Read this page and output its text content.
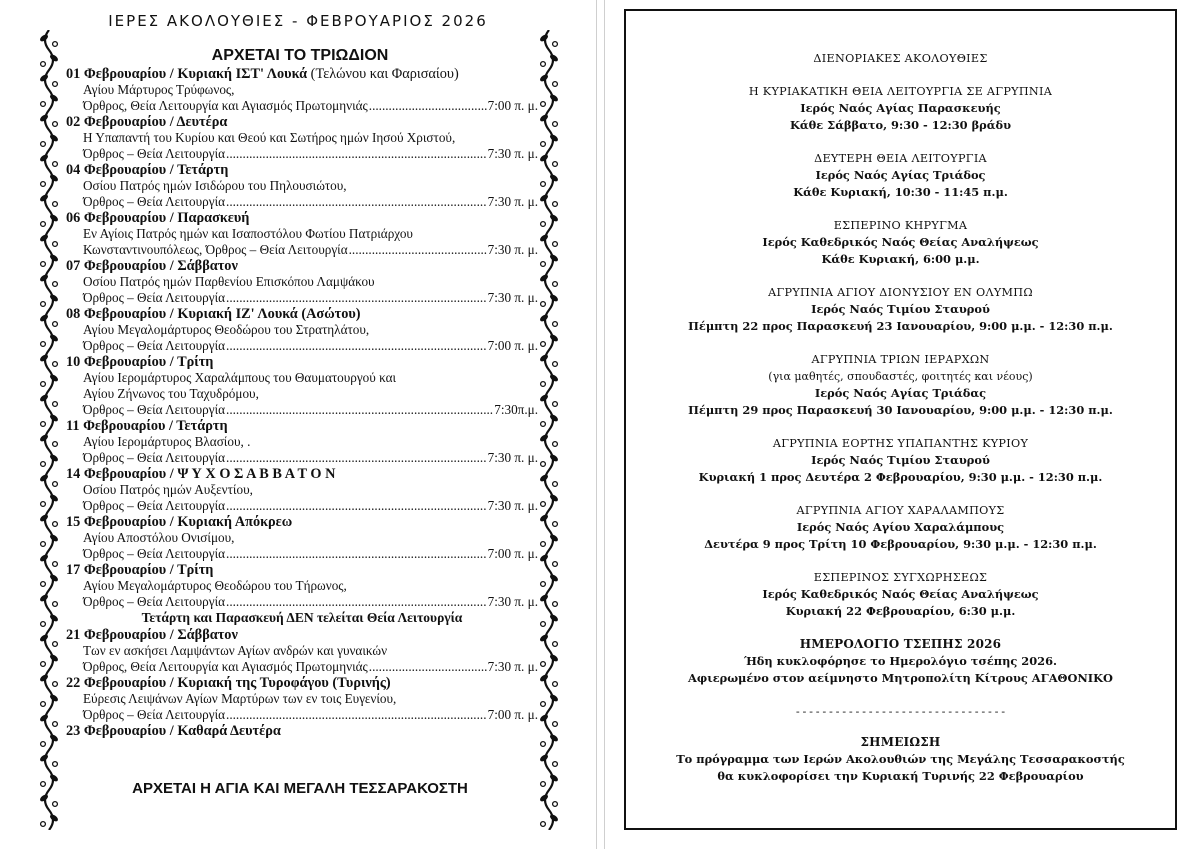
ΙΕΡΕΣ ΑΚΟΛΟΥΘΙΕΣ - ΦΕΒΡΟΥΑΡΙΟΣ 2026
ΑΡΧΕΤΑΙ ΤΟ ΤΡΙΩΔΙΟΝ
01 Φεβρουαρίου / Κυριακή ΙΣΤ' Λουκά (Τελώνου και Φαρισαίου)
Αγίου Μάρτυρος Τρύφωνος,
Όρθρος, Θεία Λειτουργία και Αγιασμός Πρωτομηνιάς .....	7:00 π. μ.
02 Φεβρουαρίου / Δευτέρα
Η Υπαπαντή του Κυρίου και Θεού και Σωτήρος ημών Ιησού Χριστού,
Όρθρος – Θεία Λειτουργία .....	7:30 π. μ.
04 Φεβρουαρίου / Τετάρτη
Οσίου Πατρός ημών Ισιδώρου του Πηλουσιώτου,
Όρθρος – Θεία Λειτουργία .....	7:30 π. μ.
06 Φεβρουαρίου / Παρασκευή
Εν Αγίοις Πατρός ημών και Ισαποστόλου Φωτίου Πατριάρχου
Κωνσταντινουπόλεως, Όρθρος – Θεία Λειτουργία .....	7:30 π. μ.
07 Φεβρουαρίου / Σάββατον
Οσίου Πατρός ημών Παρθενίου Επισκόπου Λαμψάκου
Όρθρος – Θεία Λειτουργία .....	7:30 π. μ.
08 Φεβρουαρίου / Κυριακή ΙΖ' Λουκά (Ασώτου)
Αγίου Μεγαλομάρτυρος Θεοδώρου του Στρατηλάτου,
Όρθρος – Θεία Λειτουργία .....	7:00 π. μ.
10 Φεβρουαρίου / Τρίτη
Αγίου Ιερομάρτυρος Χαραλάμπους του Θαυματουργού και
Αγίου Ζήνωνος του Ταχυδρόμου,
Όρθρος – Θεία Λειτουργία .....	7:30π.μ.
11 Φεβρουαρίου / Τετάρτη
Αγίου Ιερομάρτυρος Βλασίου, .
Όρθρος – Θεία Λειτουργία .....	7:30 π. μ.
14 Φεβρουαρίου / Ψ Υ Χ Ο Σ Α Β Β Α Τ Ο Ν
Οσίου Πατρός ημών Αυξεντίου,
Όρθρος – Θεία Λειτουργία .....	7:30 π. μ.
15 Φεβρουαρίου / Κυριακή Απόκρεω
Αγίου Αποστόλου Ονισίμου,
Όρθρος – Θεία Λειτουργία .....	7:00 π. μ.
17 Φεβρουαρίου / Τρίτη
Αγίου Μεγαλομάρτυρος Θεοδώρου του Τήρωνος,
Όρθρος – Θεία Λειτουργία .....	7:30 π. μ.
Τετάρτη και Παρασκευή ΔΕΝ τελείται Θεία Λειτουργία
21 Φεβρουαρίου / Σάββατον
Των εν ασκήσει Λαμψάντων Αγίων ανδρών και γυναικών
Όρθρος, Θεία Λειτουργία και Αγιασμός Πρωτομηνιάς .....	7:30 π. μ.
22 Φεβρουαρίου / Κυριακή της Τυροφάγου (Τυρινής)
Εύρεσις Λειψάνων Αγίων Μαρτύρων των εν τοις Ευγενίου,
Όρθρος – Θεία Λειτουργία .....	7:00 π. μ.
23 Φεβρουαρίου / Καθαρά Δευτέρα
ΑΡΧΕΤΑΙ Η ΑΓΙΑ ΚΑΙ ΜΕΓΑΛΗ ΤΕΣΣΑΡΑΚΟΣΤΗ
ΔΙΕΝΟΡΙΑΚΕΣ ΑΚΟΛΟΥΘΙΕΣ
Η ΚΥΡΙΑΚΑΤΙΚΗ ΘΕΙΑ ΛΕΙΤΟΥΡΓΙΑ ΣΕ ΑΓΡΥΠΝΙΑ
Ιερός Ναός Αγίας Παρασκευής
Κάθε Σάββατο, 9:30 - 12:30 βράδυ
ΔΕΥΤΕΡΗ ΘΕΙΑ ΛΕΙΤΟΥΡΓΙΑ
Ιερός Ναός Αγίας Τριάδος
Κάθε Κυριακή, 10:30 - 11:45 π.μ.
ΕΣΠΕΡΙΝΟ ΚΗΡΥΓΜΑ
Ιερός Καθεδρικός Ναός Θείας Αναλήψεως
Κάθε Κυριακή, 6:00 μ.μ.
ΑΓΡΥΠΝΙΑ ΑΓΙΟΥ ΔΙΟΝΥΣΙΟΥ ΕΝ ΟΛΥΜΠΩ
Ιερός Ναός Τιμίου Σταυρού
Πέμπτη 22 προς Παρασκευή 23 Ιανουαρίου, 9:00 μ.μ. - 12:30 π.μ.
ΑΓΡΥΠΝΙΑ ΤΡΙΩΝ ΙΕΡΑΡΧΩΝ
(για μαθητές, σπουδαστές, φοιτητές και νέους)
Ιερός Ναός Αγίας Τριάδας
Πέμπτη 29 προς Παρασκευή 30 Ιανουαρίου, 9:00 μ.μ. - 12:30 π.μ.
ΑΓΡΥΠΝΙΑ ΕΟΡΤΗΣ ΥΠΑΠΑΝΤΗΣ ΚΥΡΙΟΥ
Ιερός Ναός Τιμίου Σταυρού
Κυριακή 1 προς Δευτέρα 2 Φεβρουαρίου, 9:30 μ.μ. - 12:30 π.μ.
ΑΓΡΥΠΝΙΑ ΑΓΙΟΥ ΧΑΡΑΛΑΜΠΟΥΣ
Ιερός Ναός Αγίου Χαραλάμπους
Δευτέρα 9 προς Τρίτη 10 Φεβρουαρίου, 9:30 μ.μ. - 12:30 π.μ.
ΕΣΠΕΡΙΝΟΣ ΣΥΓΧΩΡΗΣΕΩΣ
Ιερός Καθεδρικός Ναός Θείας Αναλήψεως
Κυριακή 22 Φεβρουαρίου, 6:30 μ.μ.
ΗΜΕΡΟΛΟΓΙΟ ΤΣΕΠΗΣ 2026
Ήδη κυκλοφόρησε το Ημερολόγιο τσέπης 2026.
Αφιερωμένο στον αείμνηστο Μητροπολίτη Κίτρους ΑΓΑΘΟΝΙΚΟ
--------------------------------
ΣΗΜΕΙΩΣΗ
Το πρόγραμμα των Ιερών Ακολουθιών της Μεγάλης Τεσσαρακοστής
θα κυκλοφορίσει την Κυριακή Τυρινής 22 Φεβρουαρίου
